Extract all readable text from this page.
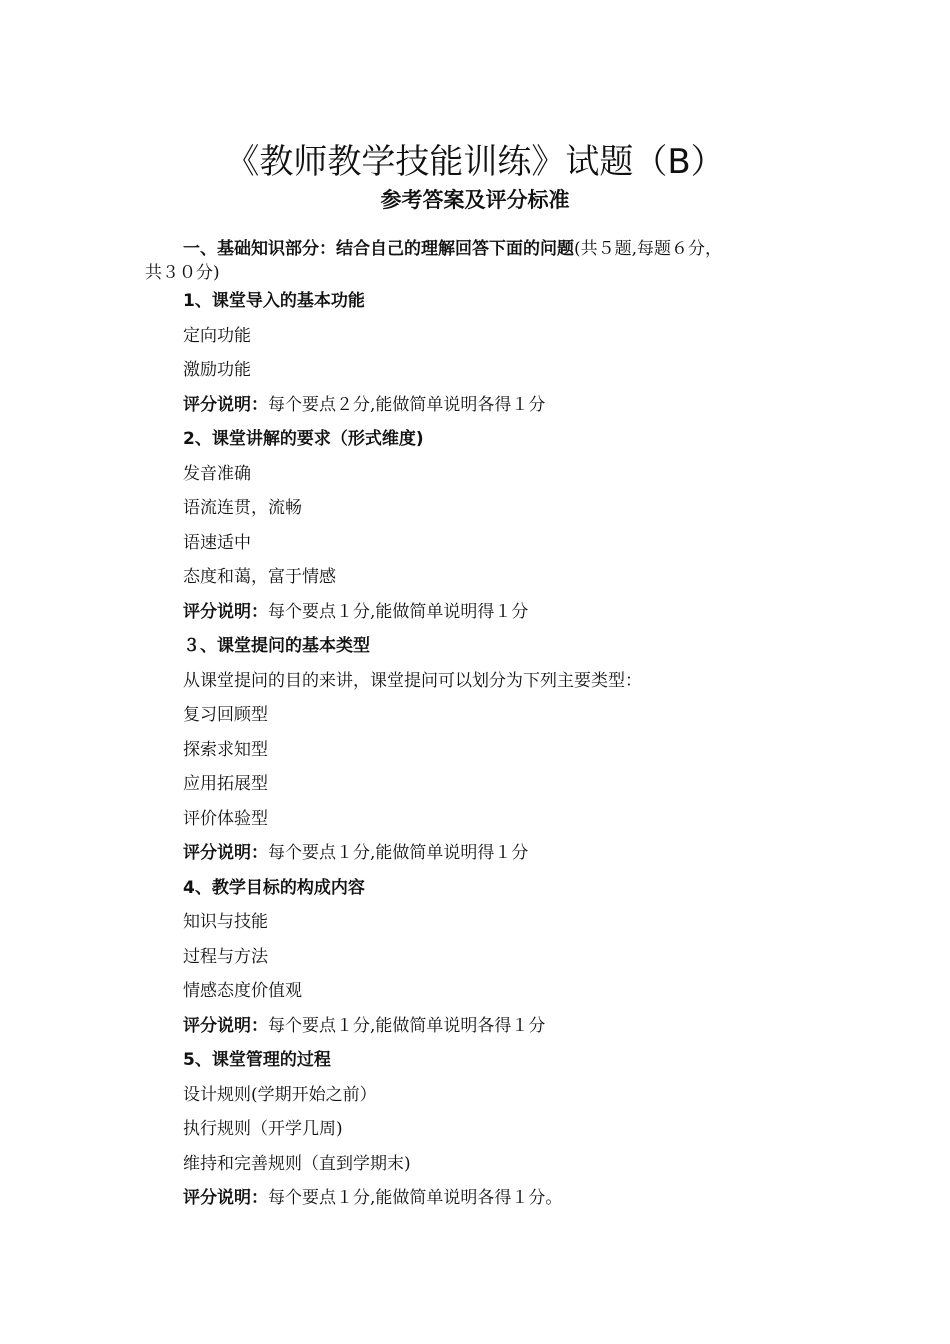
《教师教学技能训练》试题（B）
参考答案及评分标准
一、基础知识部分：结合自己的理解回答下面的问题(共５题,每题６分，
共３０分)
1、课堂导入的基本功能
定向功能
激励功能
评分说明：每个要点２分,能做简单说明各得１分
2、课堂讲解的要求（形式维度)
发音准确
语流连贯，流畅
语速适中
态度和蔼，富于情感
评分说明：每个要点１分,能做简单说明得１分
３、课堂提问的基本类型
从课堂提问的目的来讲，课堂提问可以划分为下列主要类型：
复习回顾型
探索求知型
应用拓展型
评价体验型
评分说明：每个要点１分,能做简单说明得１分
4、教学目标的构成内容
知识与技能
过程与方法
情感态度价值观
评分说明：每个要点１分,能做简单说明各得１分
5、课堂管理的过程
设计规则(学期开始之前）
执行规则（开学几周)
维持和完善规则（直到学期末)
评分说明：每个要点１分,能做简单说明各得１分。
